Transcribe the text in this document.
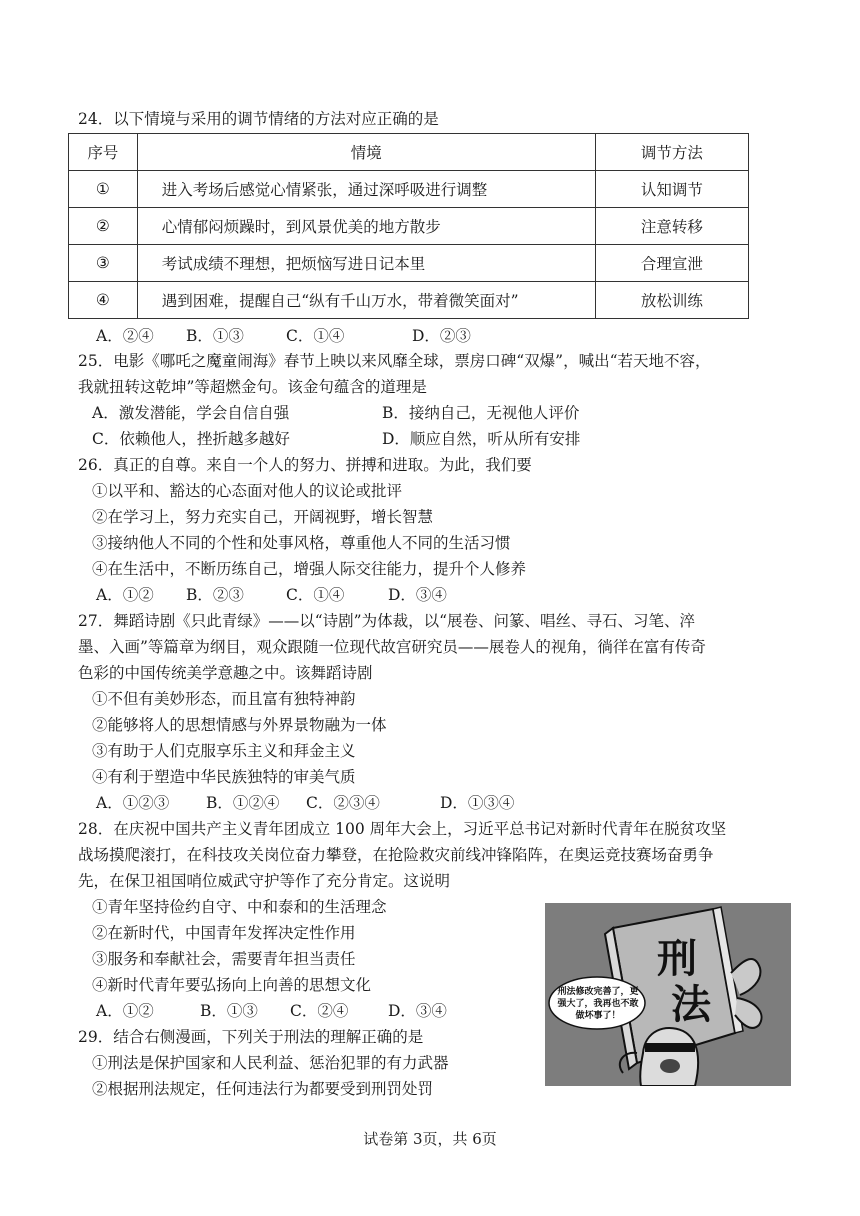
24．以下情境与采用的调节情绪的方法对应正确的是
序号	情境	调节方法
①	进入考场后感觉心情紧张，通过深呼吸进行调整	认知调节
②	心情郁闷烦躁时，到风景优美的地方散步	注意转移
③	考试成绩不理想，把烦恼写进日记本里	合理宣泄
④	遇到困难，提醒自己“纵有千山万水，带着微笑面对”	放松训练
A．②④ B．①③	C．①④	D．②③
25．电影《哪吒之魔童闹海》春节上映以来风靡全球，票房口碑“双爆”，喊出“若天地不容，
我就扭转这乾坤”等超燃金句。该金句蕴含的道理是
A．激发潜能，学会自信自强	B．接纳自己，无视他人评价
C．依赖他人，挫折越多越好	D．顺应自然，听从所有安排
26．真正的自尊。来自一个人的努力、拼搏和进取。为此，我们要
①以平和、豁达的心态面对他人的议论或批评
②在学习上，努力充实自己，开阔视野，增长智慧
③接纳他人不同的个性和处事风格，尊重他人不同的生活习惯
④在生活中，不断历练自己，增强人际交往能力，提升个人修养
A．①② B．②③	C．①④	D．③④
27．舞蹈诗剧《只此青绿》——以“诗剧”为体裁，以“展卷、问篆、唱丝、寻石、习笔、淬
墨、入画”等篇章为纲目，观众跟随一位现代故宫研究员——展卷人的视角，徜徉在富有传奇
色彩的中国传统美学意趣之中。该舞蹈诗剧
①不但有美妙形态，而且富有独特神韵
②能够将人的思想情感与外界景物融为一体
③有助于人们克服享乐主义和拜金主义
④有利于塑造中华民族独特的审美气质
A．①②③ B．①②④ C．②③④	D．①③④
28．在庆祝中国共产主义青年团成立 100 周年大会上，习近平总书记对新时代青年在脱贫攻坚
战场摸爬滚打，在科技攻关岗位奋力攀登，在抢险救灾前线冲锋陷阵，在奥运竞技赛场奋勇争
先，在保卫祖国哨位威武守护等作了充分肯定。这说明
①青年坚持俭约自守、中和泰和的生活理念
②在新时代，中国青年发挥决定性作用
③服务和奉献社会，需要青年担当责任
④新时代青年要弘扬向上向善的思想文化
A．①②	B．①③ C．②④	D．③④
29．结合右侧漫画，下列关于刑法的理解正确的是
①刑法是保护国家和人民利益、惩治犯罪的有力武器
②根据刑法规定，任何违法行为都要受到刑罚处罚
刑
法
刑法修改完善了，更强大了，我再也不敢做坏事了！
试卷第 3页，共 6页
